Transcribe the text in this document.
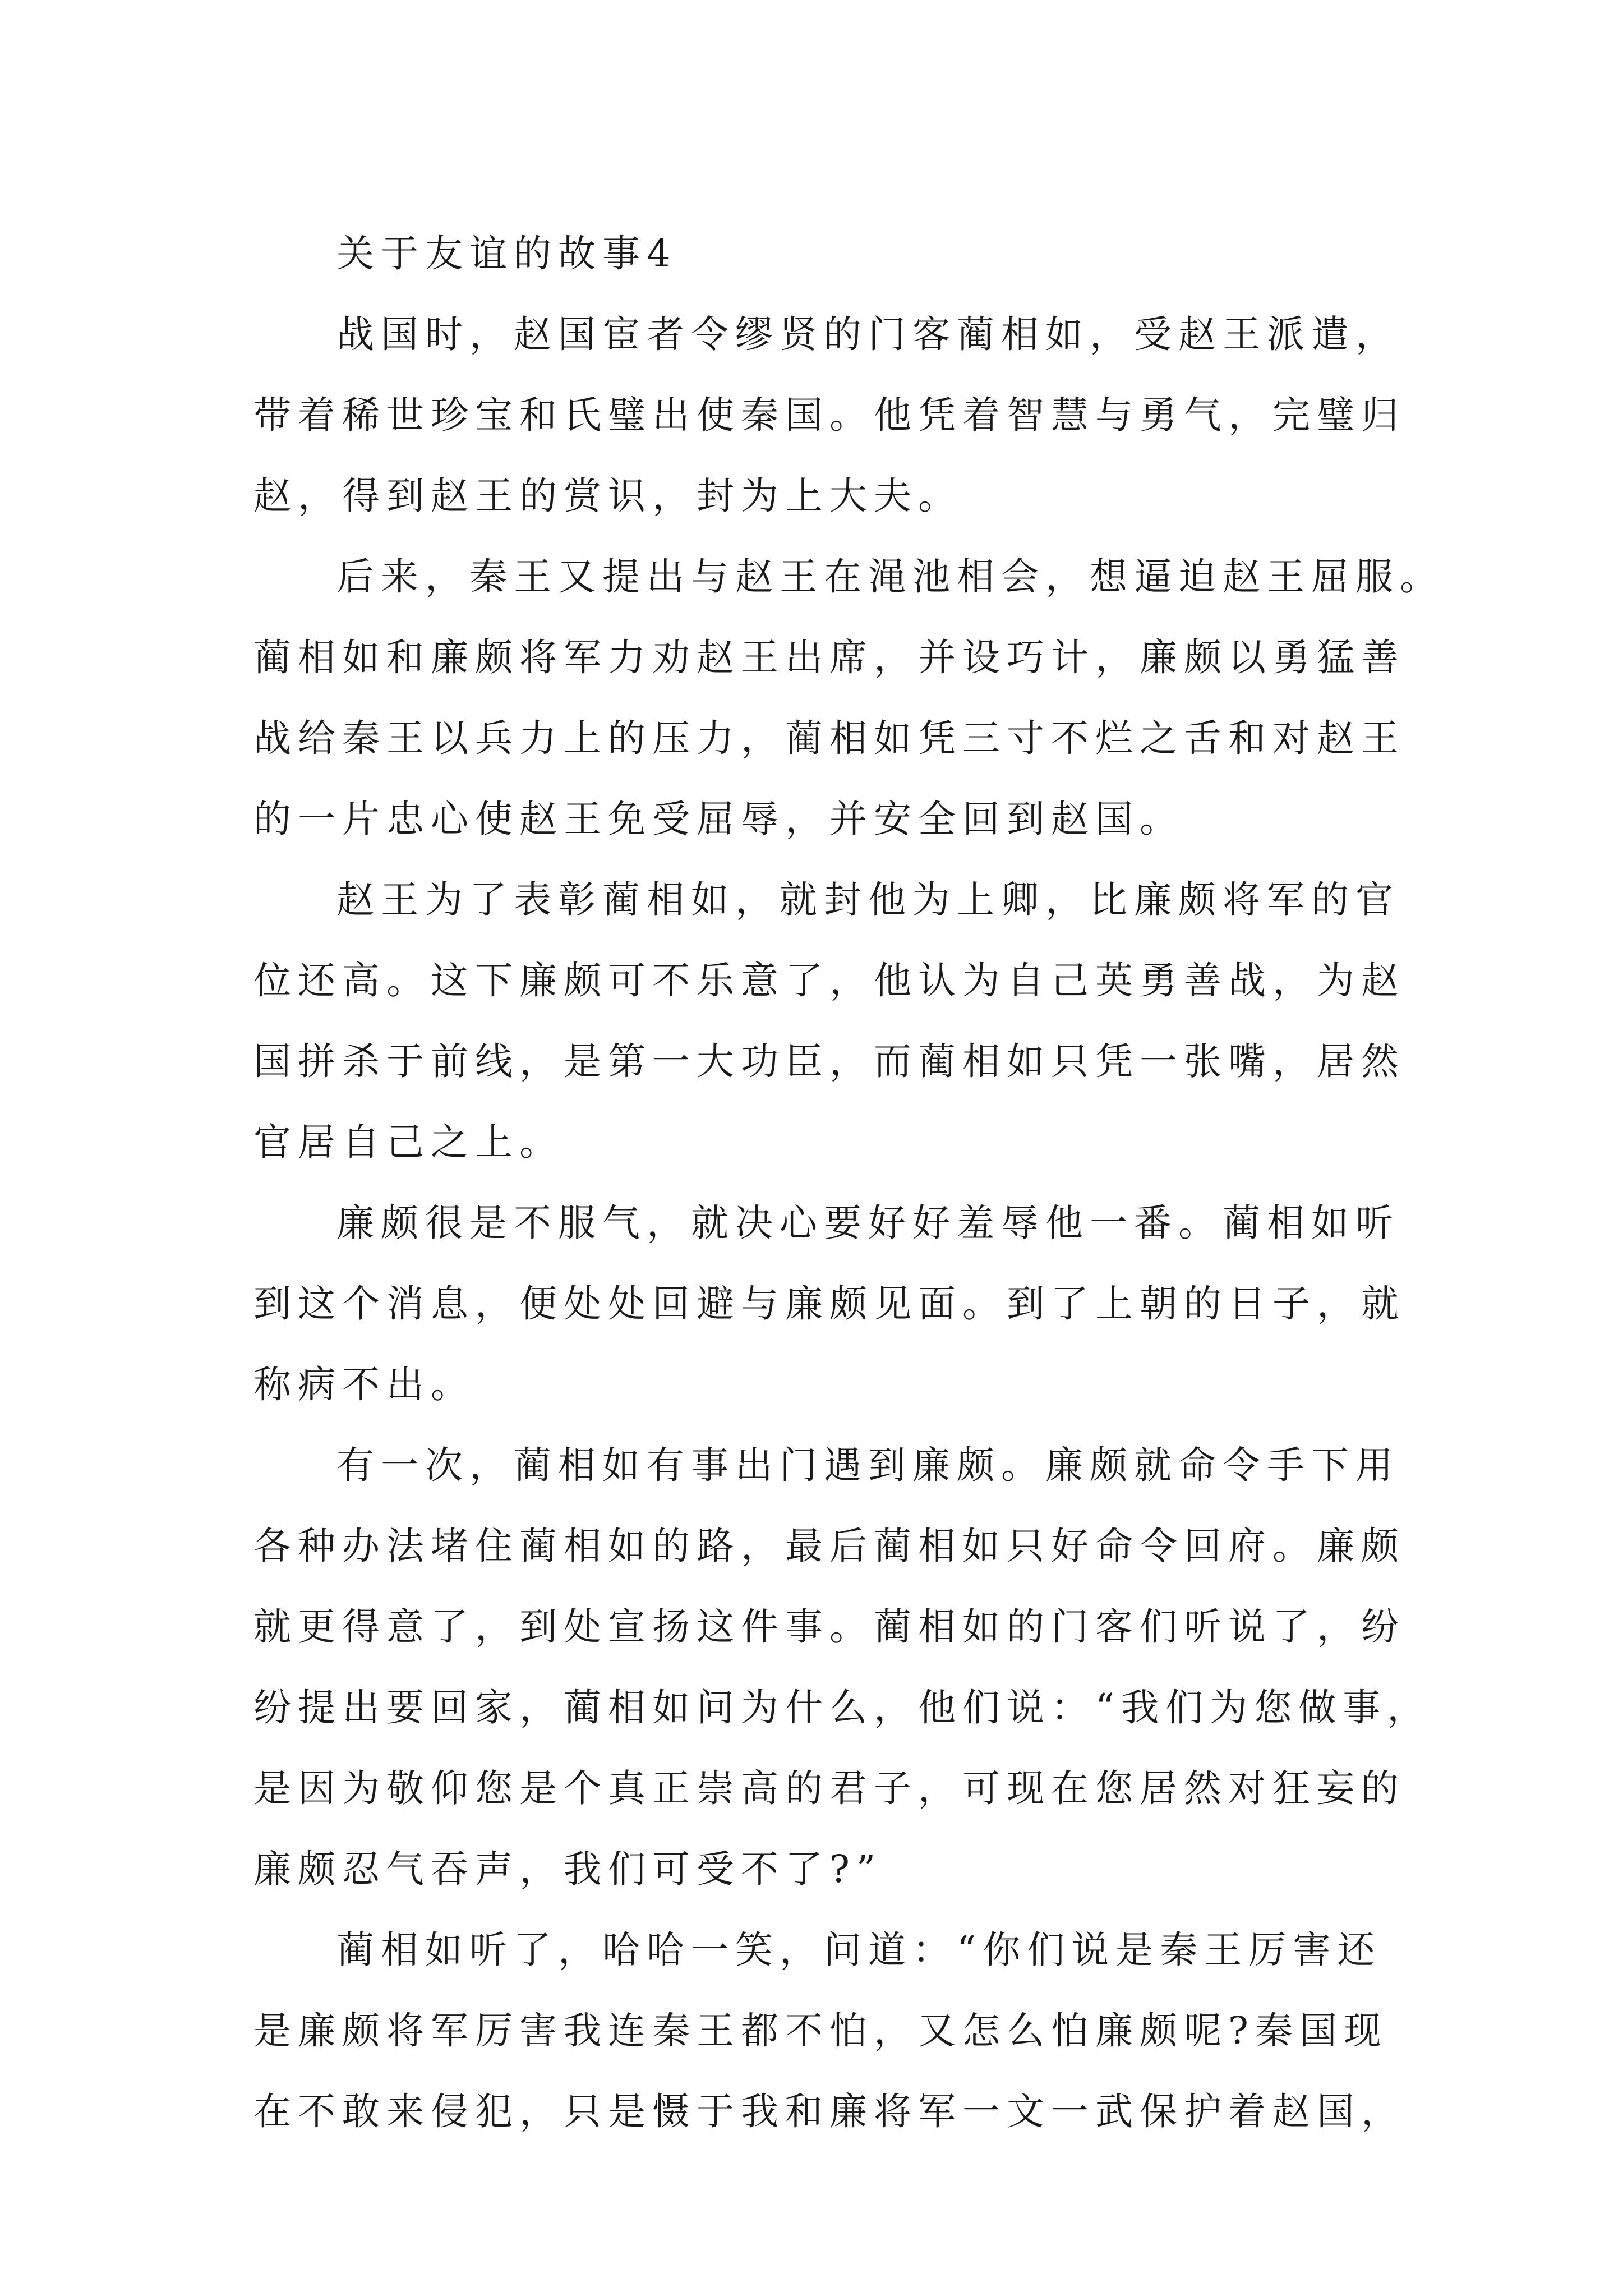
关于友谊的故事4
战国时，赵国宦者令缪贤的门客蔺相如，受赵王派遣，
带着稀世珍宝和氏璧出使秦国。他凭着智慧与勇气，完璧归
赵，得到赵王的赏识，封为上大夫。
后来，秦王又提出与赵王在渑池相会，想逼迫赵王屈服。
蔺相如和廉颇将军力劝赵王出席，并设巧计，廉颇以勇猛善
战给秦王以兵力上的压力，蔺相如凭三寸不烂之舌和对赵王
的一片忠心使赵王免受屈辱，并安全回到赵国。
赵王为了表彰蔺相如，就封他为上卿，比廉颇将军的官
位还高。这下廉颇可不乐意了，他认为自己英勇善战，为赵
国拼杀于前线，是第一大功臣，而蔺相如只凭一张嘴，居然
官居自己之上。
廉颇很是不服气，就决心要好好羞辱他一番。蔺相如听
到这个消息，便处处回避与廉颇见面。到了上朝的日子，就
称病不出。
有一次，蔺相如有事出门遇到廉颇。廉颇就命令手下用
各种办法堵住蔺相如的路，最后蔺相如只好命令回府。廉颇
就更得意了，到处宣扬这件事。蔺相如的门客们听说了，纷
纷提出要回家，蔺相如问为什么，他们说：“我们为您做事，
是因为敬仰您是个真正崇高的君子，可现在您居然对狂妄的
廉颇忍气吞声，我们可受不了?”
蔺相如听了，哈哈一笑，问道：“你们说是秦王厉害还
是廉颇将军厉害我连秦王都不怕，又怎么怕廉颇呢?秦国现
在不敢来侵犯，只是慑于我和廉将军一文一武保护着赵国，
